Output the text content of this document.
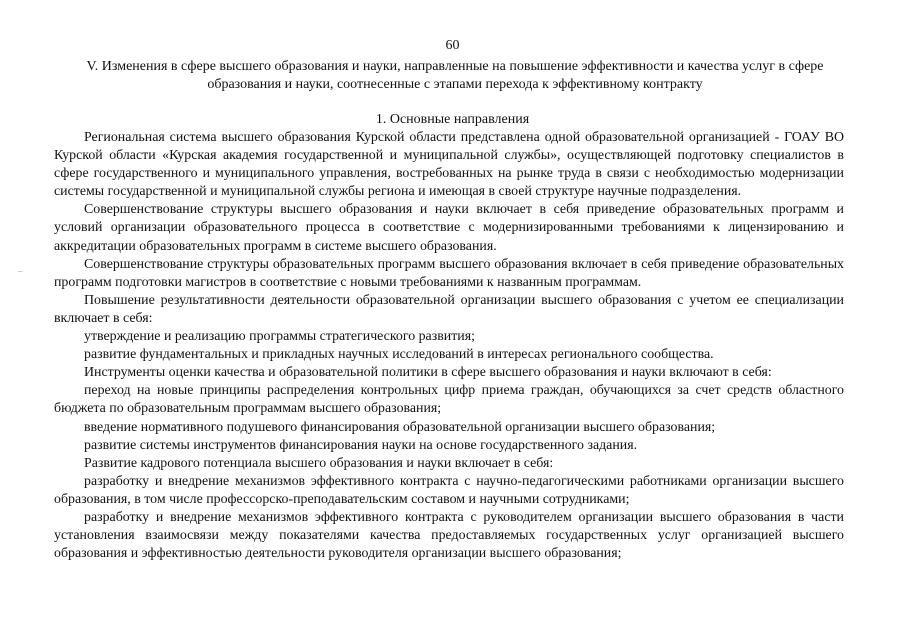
60
V. Изменения в сфере высшего образования и науки, направленные на повышение эффективности и качества услуг в сфере образования и науки, соотнесенные с этапами перехода к эффективному контракту
1. Основные направления
–

Региональная система высшего образования Курской области представлена одной образовательной организацией - ГОАУ ВО Курской области «Курская академия государственной и муниципальной службы», осуществляющей подготовку специалистов в сфере государственного и муниципального управления, востребованных на рынке труда в связи с необходимостью модернизации системы государственной и муниципальной службы региона и имеющая в своей структуре научные подразделения.

Совершенствование структуры высшего образования и науки включает в себя приведение образовательных программ и условий организации образовательного процесса в соответствие с модернизированными требованиями к лицензированию и аккредитации образовательных программ в системе высшего образования.

Совершенствование структуры образовательных программ высшего образования включает в себя приведение образовательных программ подготовки магистров в соответствие с новыми требованиями к названным программам.

Повышение результативности деятельности образовательной организации высшего образования с учетом ее специализации включает в себя:

утверждение и реализацию программы стратегического развития;

развитие фундаментальных и прикладных научных исследований в интересах регионального сообщества.

Инструменты оценки качества и образовательной политики в сфере высшего образования и науки включают в себя:

переход на новые принципы распределения контрольных цифр приема граждан, обучающихся за счет средств областного бюджета по образовательным программам высшего образования;

введение нормативного подушевого финансирования образовательной организации высшего образования;

развитие системы инструментов финансирования науки на основе государственного задания.

Развитие кадрового потенциала высшего образования и науки включает в себя:

разработку и внедрение механизмов эффективного контракта с научно-педагогическими работниками организации высшего образования, в том числе профессорско-преподавательским составом и научными сотрудниками;

разработку и внедрение механизмов эффективного контракта с руководителем организации высшего образования в части установления взаимосвязи между показателями качества предоставляемых государственных услуг организацией высшего образования и эффективностью деятельности руководителя организации высшего образования;
